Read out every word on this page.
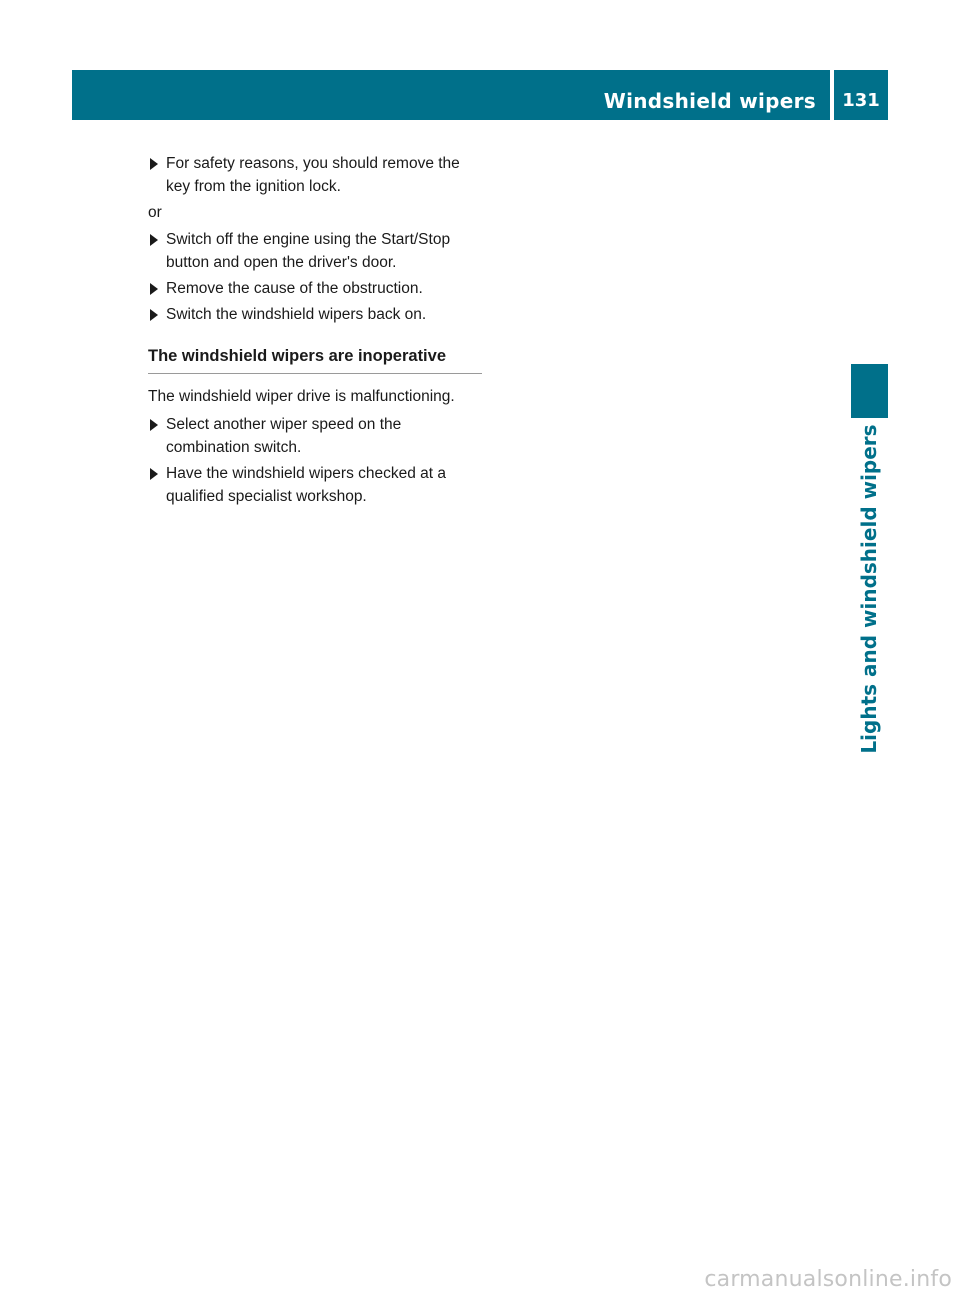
Windshield wipers	131
Lights and windshield wipers
For safety reasons, you should remove the key from the ignition lock.
or
Switch off the engine using the Start/Stop button and open the driver's door.
Remove the cause of the obstruction.
Switch the windshield wipers back on.
The windshield wipers are inoperative
The windshield wiper drive is malfunctioning.
Select another wiper speed on the combination switch.
Have the windshield wipers checked at a qualified specialist workshop.
carmanualsonline.info
